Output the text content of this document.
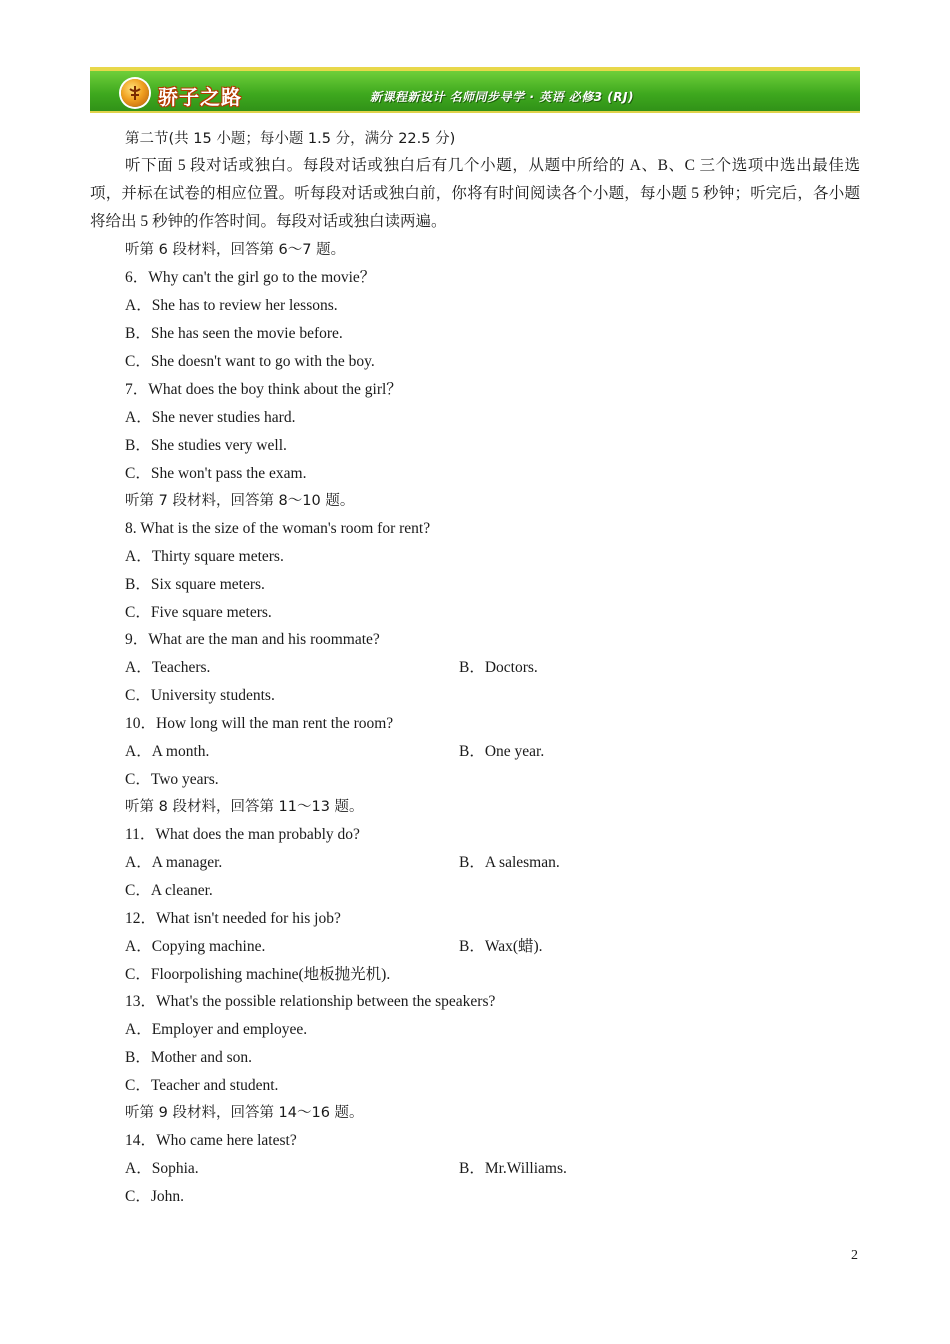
骄子之路	新课程新设计 名师同步导学 · 英语 必修3 (RJ)
第二节(共 15 小题；每小题 1.5 分，满分 22.5 分)
听下面 5 段对话或独白。每段对话或独白后有几个小题，从题中所给的 A、B、C 三个选项中选出最佳选项，并标在试卷的相应位置。听每段对话或独白前，你将有时间阅读各个小题，每小题 5 秒钟；听完后，各小题将给出 5 秒钟的作答时间。每段对话或独白读两遍。
听第 6 段材料，回答第 6～7 题。
6．Why can't the girl go to the movie？
A．She has to review her lessons.
B．She has seen the movie before.
C．She doesn't want to go with the boy.
7．What does the boy think about the girl？
A．She never studies hard.
B．She studies very well.
C．She won't pass the exam.
听第 7 段材料，回答第 8～10 题。
8. What is the size of the woman's room for rent?
A．Thirty square meters.
B．Six square meters.
C．Five square meters.
9．What are the man and his roommate?
A．Teachers.	B．Doctors.
C．University students.
10．How long will the man rent the room?
A．A month.	B．One year.
C．Two years.
听第 8 段材料，回答第 11～13 题。
11．What does the man probably do?
A．A manager.	B．A salesman.
C．A cleaner.
12．What isn't needed for his job?
A．Copying machine.	B．Wax(蜡).
C．Floorpolishing machine(地板抛光机).
13．What's the possible relationship between the speakers?
A．Employer and employee.
B．Mother and son.
C．Teacher and student.
听第 9 段材料，回答第 14～16 题。
14．Who came here latest?
A．Sophia.	B．Mr.Williams.
C．John.
2
